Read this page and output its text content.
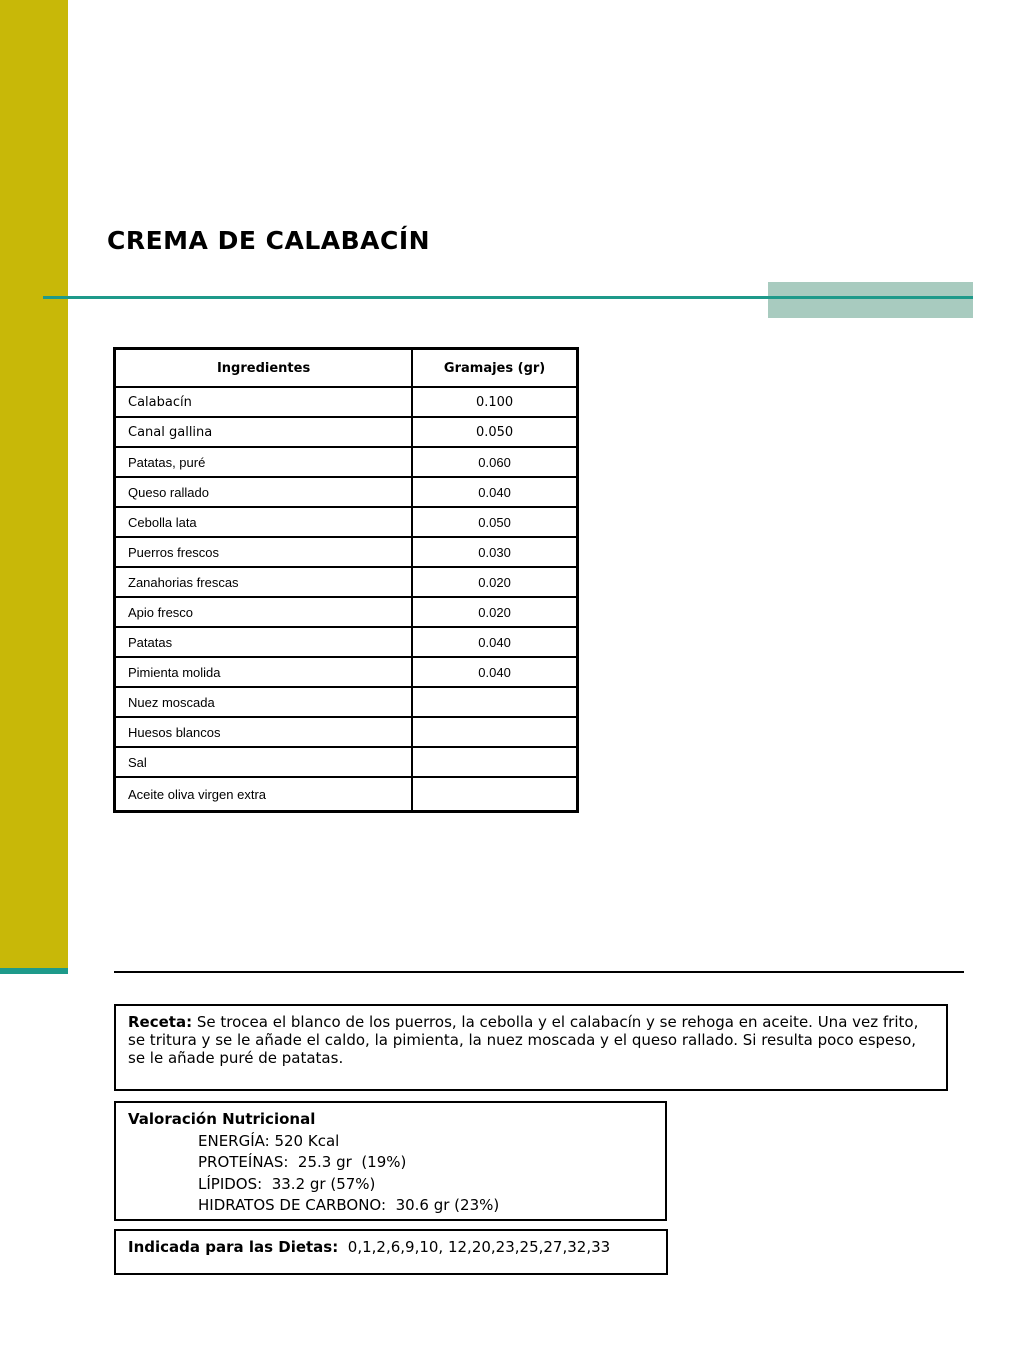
CREMA DE CALABACÍN
Ingredientes	Gramajes (gr)
Calabacín	0.100
Canal gallina	0.050
Patatas, puré	0.060
Queso rallado	0.040
Cebolla lata	0.050
Puerros frescos	0.030
Zanahorias frescas	0.020
Apio fresco	0.020
Patatas	0.040
Pimienta molida	0.040
Nuez moscada	
Huesos blancos	
Sal	
Aceite oliva virgen extra	
Receta: Se trocea el blanco de los puerros, la cebolla y el calabacín y se rehoga en aceite. Una vez frito, se tritura y se le añade el caldo, la pimienta, la nuez moscada y el queso rallado. Si resulta poco espeso, se le añade puré de patatas.
Valoración Nutricional
ENERGÍA: 520 Kcal
PROTEÍNAS:  25.3 gr  (19%)
LÍPIDOS:  33.2 gr (57%)
HIDRATOS DE CARBONO:  30.6 gr (23%)
Indicada para las Dietas: 0,1,2,6,9,10, 12,20,23,25,27,32,33
